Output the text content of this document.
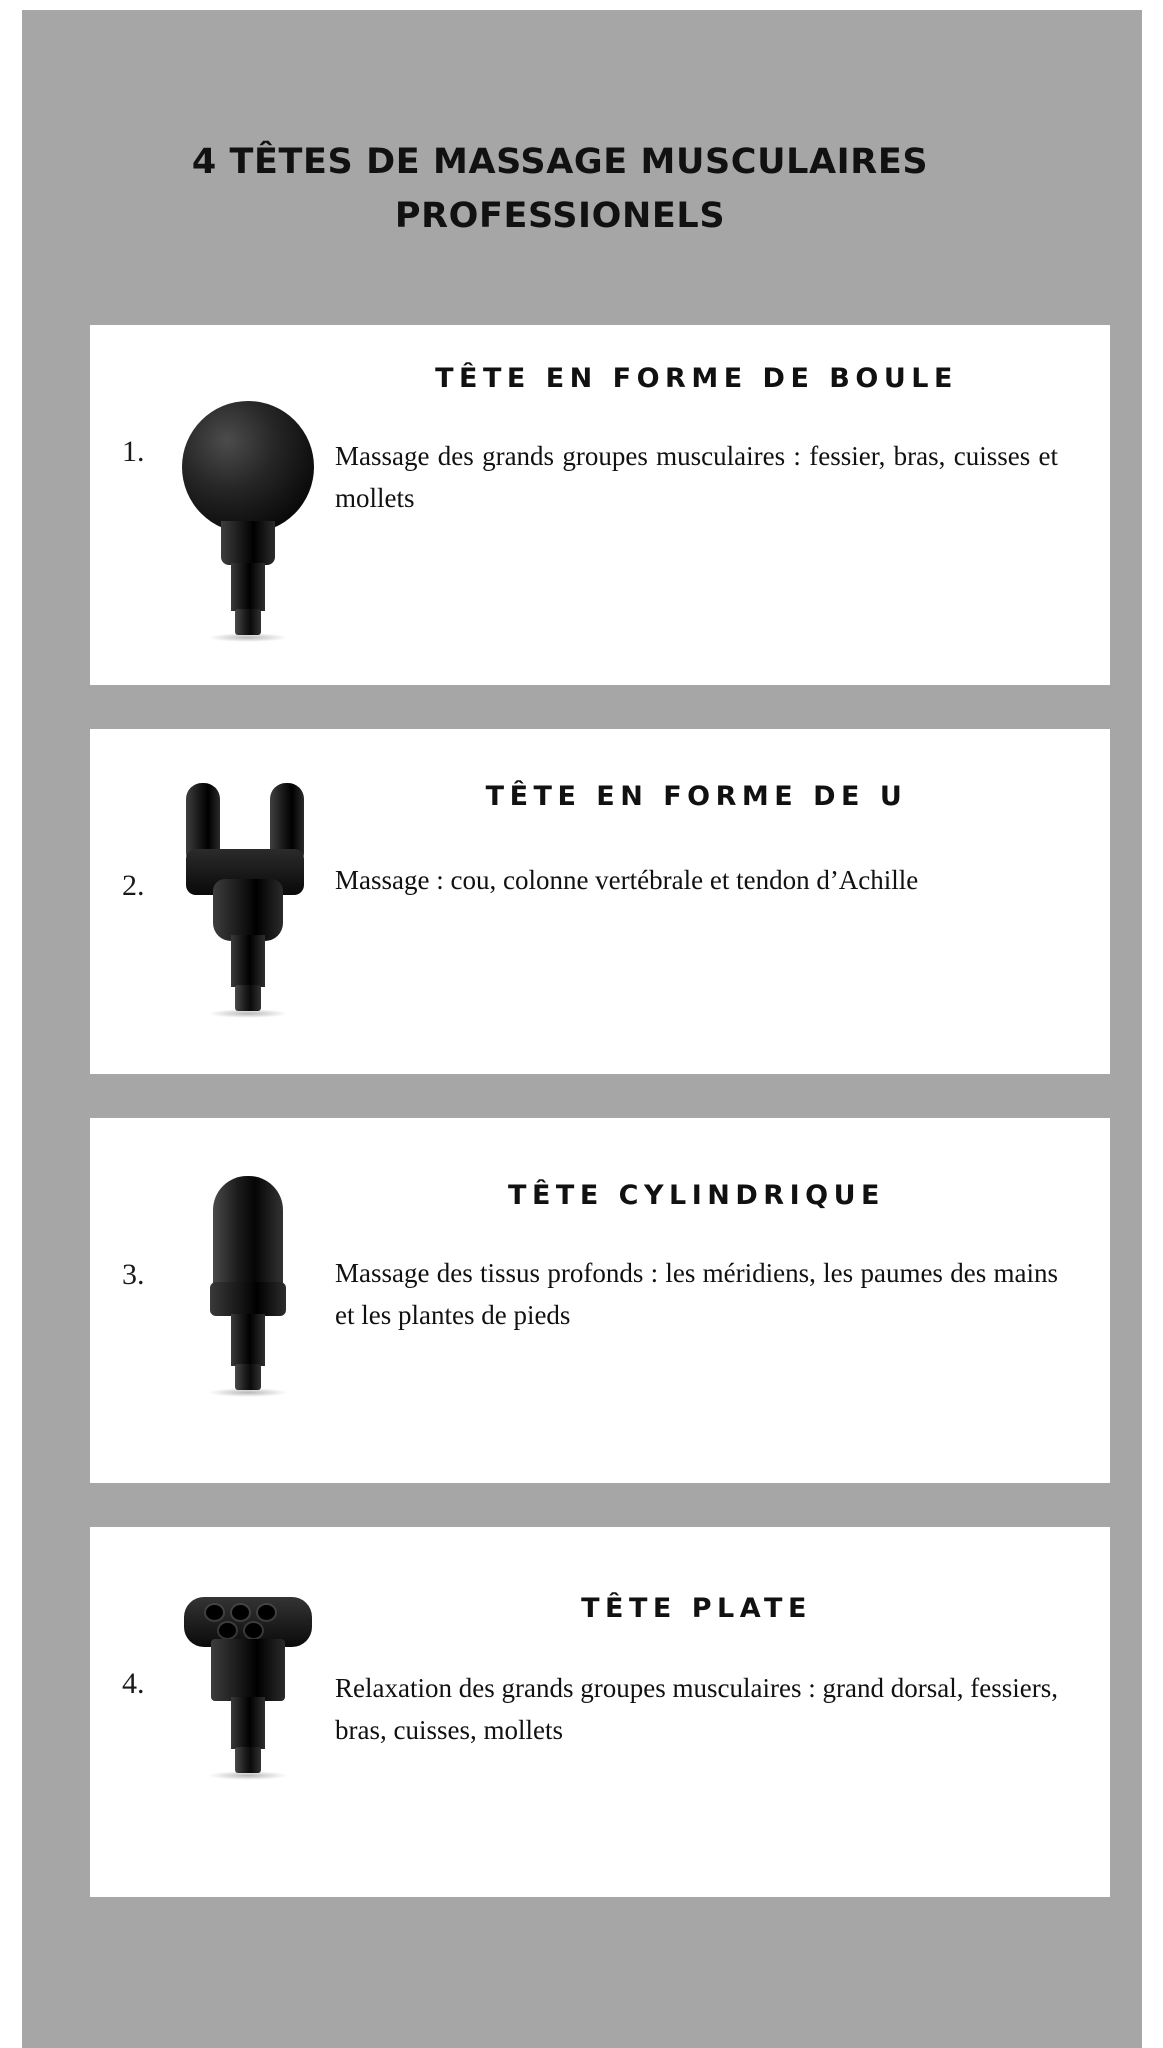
4 TÊTES DE MASSAGE MUSCULAIRES PROFESSIONELS
1.
TÊTE EN FORME DE BOULE
Massage des grands groupes musculaires : fessier, bras, cuisses et mollets
2.
TÊTE EN FORME DE U
Massage : cou, colonne vertébrale et tendon d’Achille
3.
TÊTE CYLINDRIQUE
Massage des tissus profonds : les méridiens, les paumes des mains et les plantes de pieds
4.
TÊTE PLATE
Relaxation des grands groupes musculaires : grand dorsal, fessiers, bras, cuisses, mollets
